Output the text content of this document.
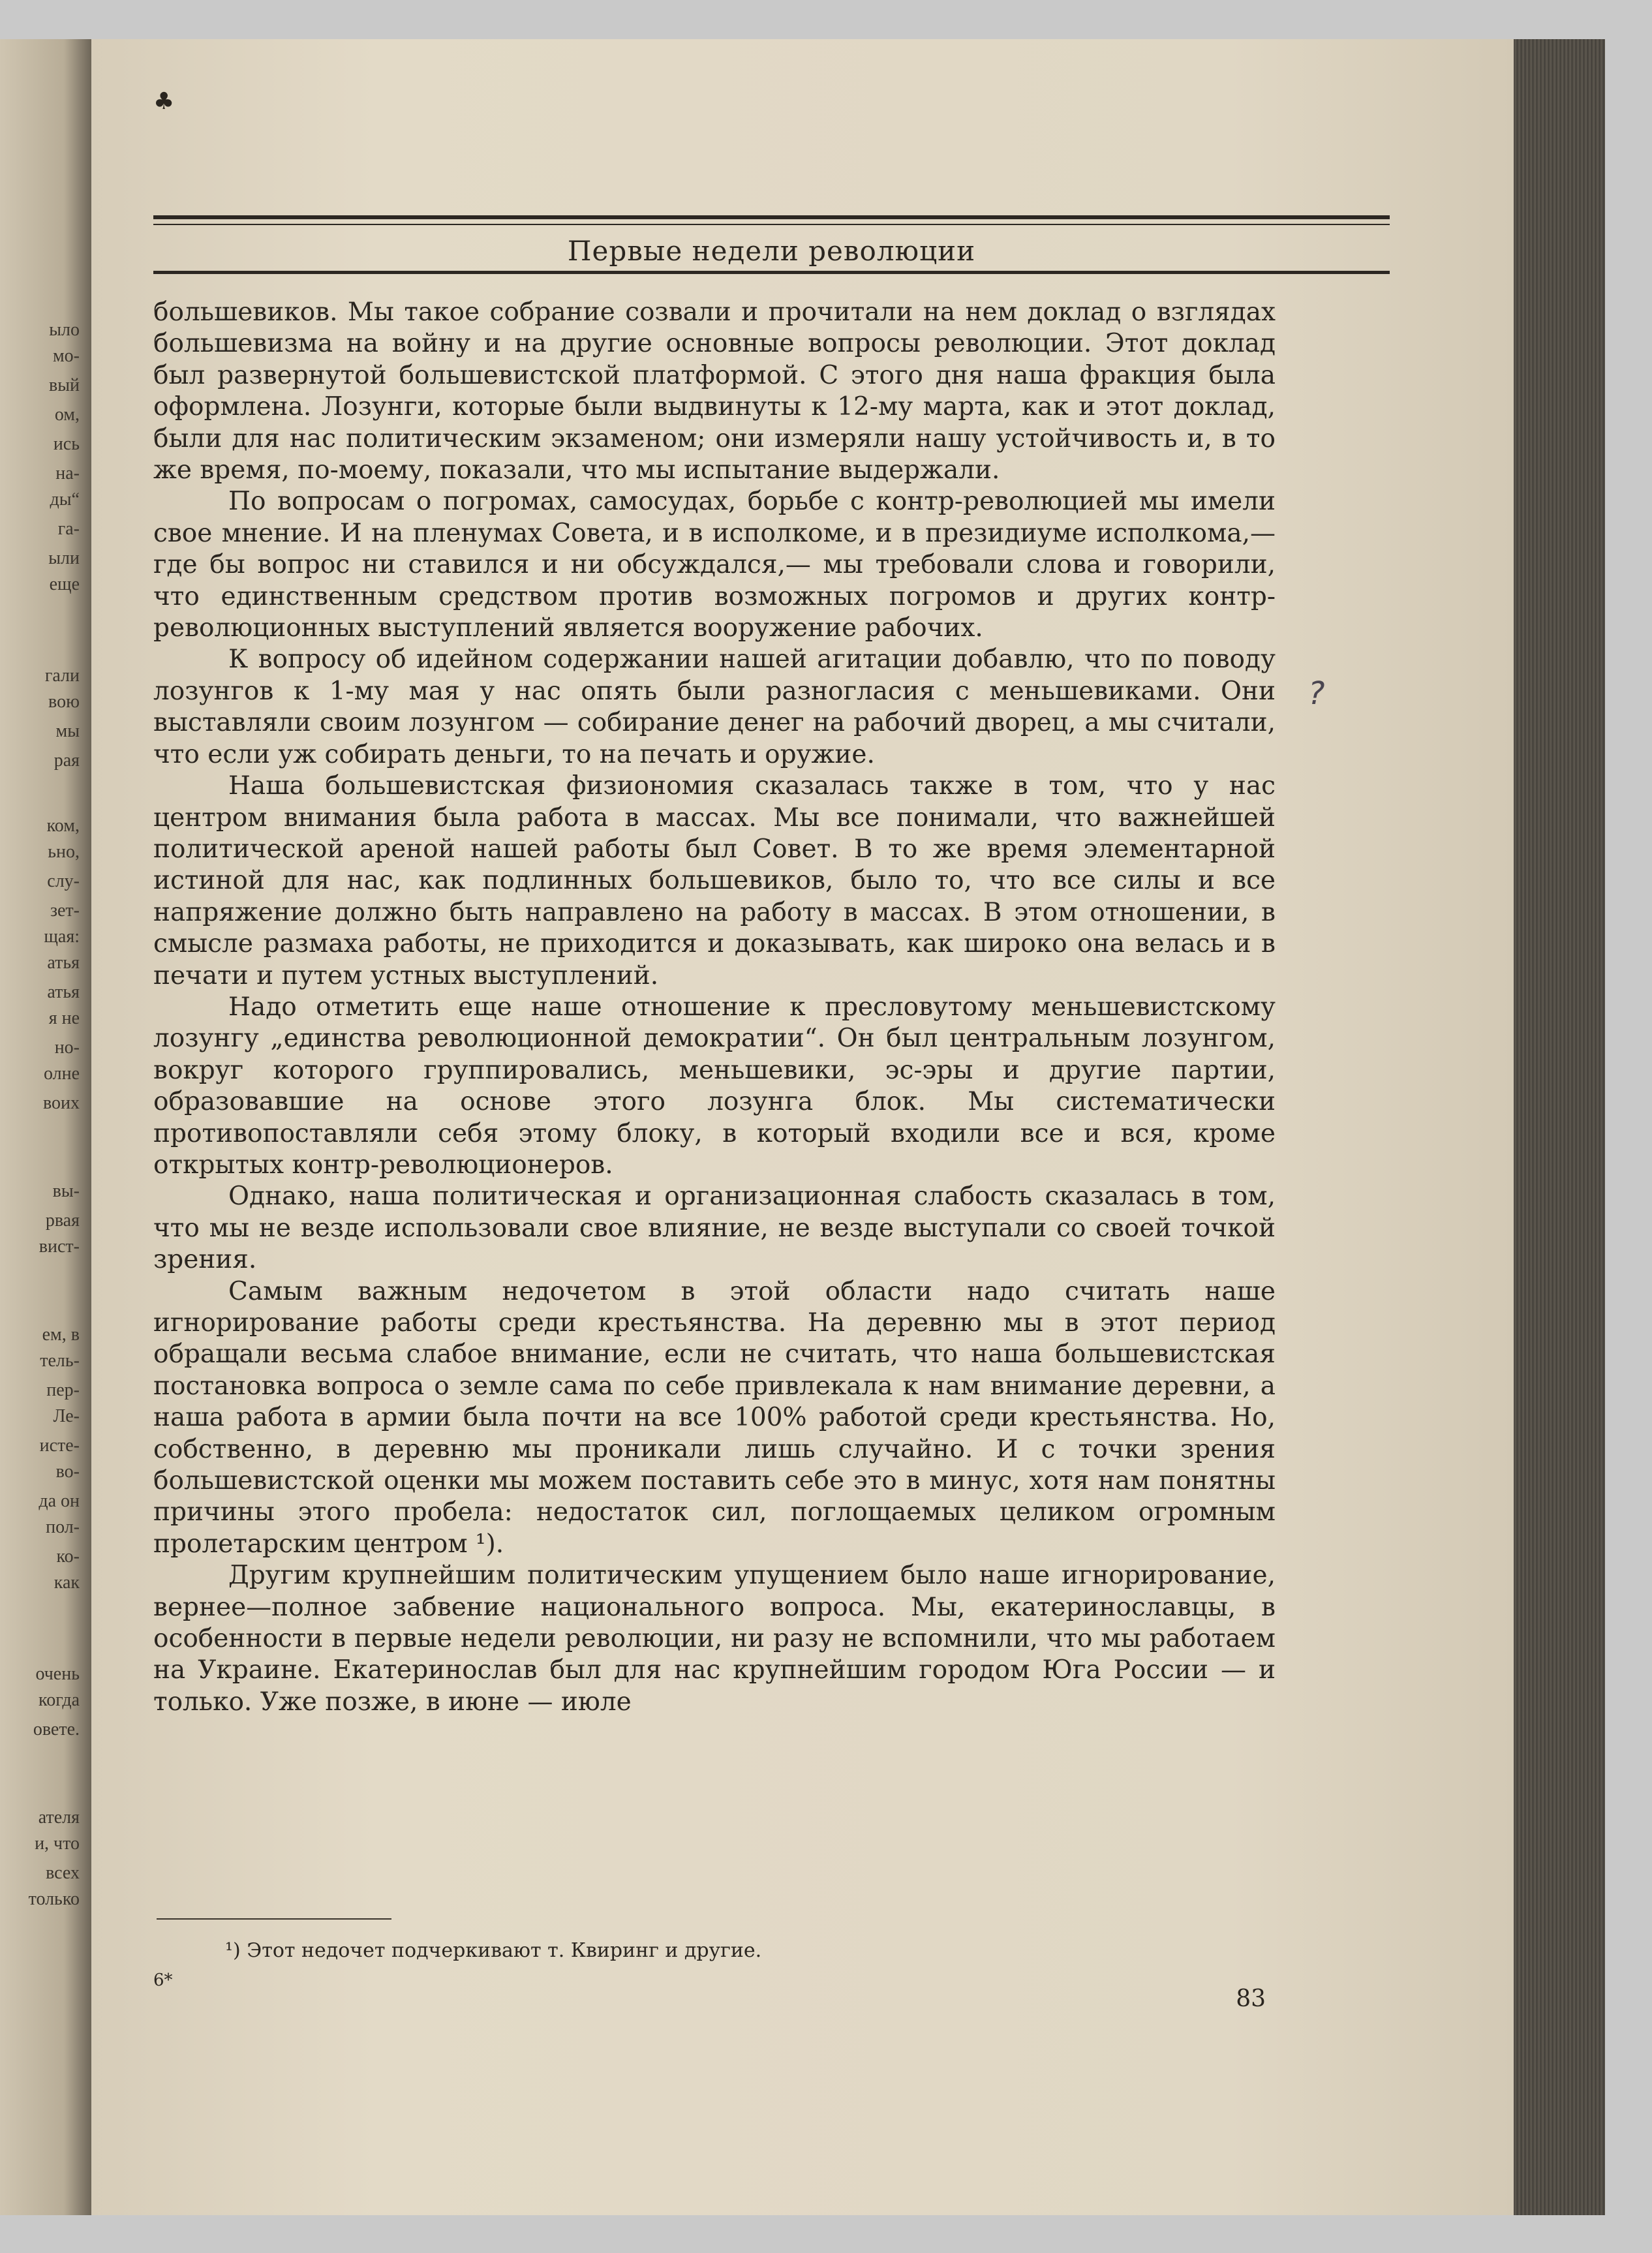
ыло
мо-
вый
ом,
ись
на-
ды“
га-
ыли
еще
гали
вою
мы
рая
ком,
ьно,
слу-
зет-
щая:
атья
атья
я не
но-
олне
воих
вы-
рвая
вист-
ем, в
тель-
пер-
Ле-
исте-
во-
да он
пол-
ко-
как
очень
когда
овете.
ателя
и, что
всех
только
♣
Первые недели революции

большевиков. Мы такое собрание созвали и прочитали на нем доклад о взглядах большевизма на войну и на другие основные вопросы революции. Этот доклад был развернутой большевистской платформой. С этого дня наша фракция была оформлена. Лозунги, которые были выдвинуты к 12-му марта, как и этот доклад, были для нас политическим экзаменом; они измеряли нашу устойчивость и, в то же время, по-моему, показали, что мы испытание выдержали.

По вопросам о погромах, самосудах, борьбе с контр-революцией мы имели свое мнение. И на пленумах Совета, и в исполкоме, и в президиуме исполкома,— где бы вопрос ни ставился и ни обсуждался,— мы требовали слова и говорили, что единственным средством против возможных погромов и других контр-революционных выступлений является вооружение рабочих.

К вопросу об идейном содержании нашей агитации добавлю, что по поводу лозунгов к 1-му мая у нас опять были разногласия с меньшевиками. Они выставляли своим лозунгом — собирание денег на рабочий дворец, а мы считали, что если уж собирать деньги, то на печать и оружие.

Наша большевистская физиономия сказалась также в том, что у нас центром внимания была работа в массах. Мы все понимали, что важнейшей политической ареной нашей работы был Совет. В то же время элементарной истиной для нас, как подлинных большевиков, было то, что все силы и все напряжение должно быть направлено на работу в массах. В этом отношении, в смысле размаха работы, не приходится и доказывать, как широко она велась и в печати и путем устных выступлений.

Надо отметить еще наше отношение к пресловутому меньшевистскому лозунгу „единства революционной демократии“. Он был центральным лозунгом, вокруг которого группировались, меньшевики, эс-эры и другие партии, образовавшие на основе этого лозунга блок. Мы систематически противопоставляли себя этому блоку, в который входили все и вся, кроме открытых контр-революционеров.

Однако, наша политическая и организационная слабость сказалась в том, что мы не везде использовали свое влияние, не везде выступали со своей точкой зрения.

Самым важным недочетом в этой области надо считать наше игнорирование работы среди крестьянства. На деревню мы в этот период обращали весьма слабое внимание, если не считать, что наша большевистская постановка вопроса о земле сама по себе привлекала к нам внимание деревни, а наша работа в армии была почти на все 100% работой среди крестьянства. Но, собственно, в деревню мы проникали лишь случайно. И с точки зрения большевистской оценки мы можем поставить себе это в минус, хотя нам понятны причины этого пробела: недостаток сил, поглощаемых целиком огромным пролетарским центром ¹).

Другим крупнейшим политическим упущением было наше игнорирование, вернее—полное забвение национального вопроса. Мы, екатеринославцы, в особенности в первые недели революции, ни разу не вспомнили, что мы работаем на Украине. Екатеринослав был для нас крупнейшим городом Юга России — и только. Уже позже, в июне — июле

?
¹) Этот недочет подчеркивают т. Квиринг и другие.
6*
83
